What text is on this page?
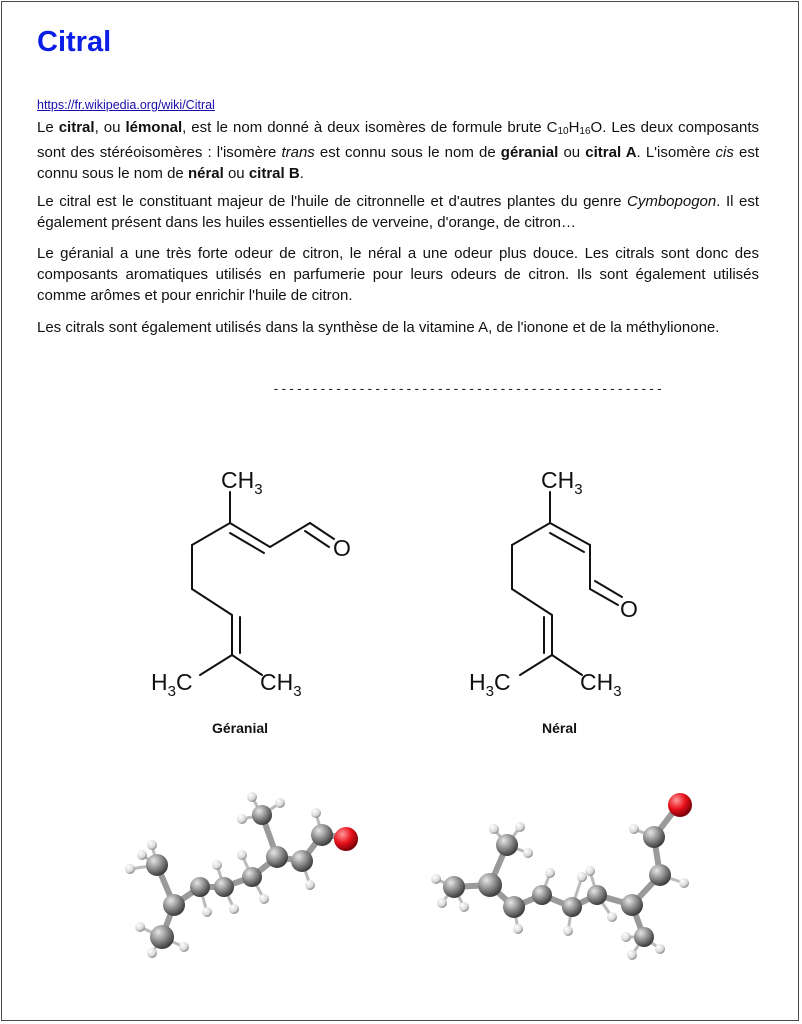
Citral
https://fr.wikipedia.org/wiki/Citral

Le citral, ou lémonal, est le nom donné à deux isomères de formule brute $C_{10}H_{16}O$. Les deux composants sont des stéréoisomères : l'isomère trans est connu sous le nom de géranial ou citral A. L'isomère cis est connu sous le nom de néral ou citral B.

Le citral est le constituant majeur de l'huile de citronnelle et d'autres plantes du genre Cymbopogon. Il est également présent dans les huiles essentielles de verveine, d'orange, de citron…

Le géranial a une très forte odeur de citron, le néral a une odeur plus douce. Les citrals sont donc des composants aromatiques utilisés en parfumerie pour leurs odeurs de citron. Ils sont également utilisés comme arômes et pour enrichir l'huile de citron.

Les citrals sont également utilisés dans la synthèse de la vitamine A, de l'ionone et de la méthylionone.

--------------------------------------------------
$CH_3$
O
$H_3C$	$CH_3$
$CH_3$
O
$H_3C$	$CH_3$
Géranial	Néral
